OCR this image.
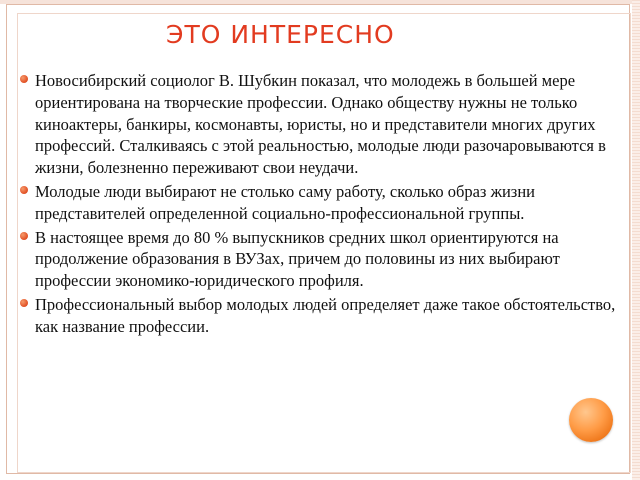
ЭТО ИНТЕРЕСНО
Новосибирский социолог В. Шубкин показал, что молодежь в большей мере ориентирована на творческие профессии. Однако обществу нужны не только киноактеры, банкиры, космонавты, юристы, но и представители многих других профессий. Сталкиваясь с этой реальностью, молодые люди разочаровываются в жизни, болезненно переживают свои неудачи.
Молодые люди выбирают не столько саму работу, сколько образ жизни представителей определенной социально-профессиональной группы.
В настоящее время до 80 % выпускников средних школ ориентируются на продолжение образования в ВУЗах, причем до половины из них выбирают профессии экономико-юридического профиля.
Профессиональный выбор молодых людей определяет даже такое обстоятельство, как название профессии.
